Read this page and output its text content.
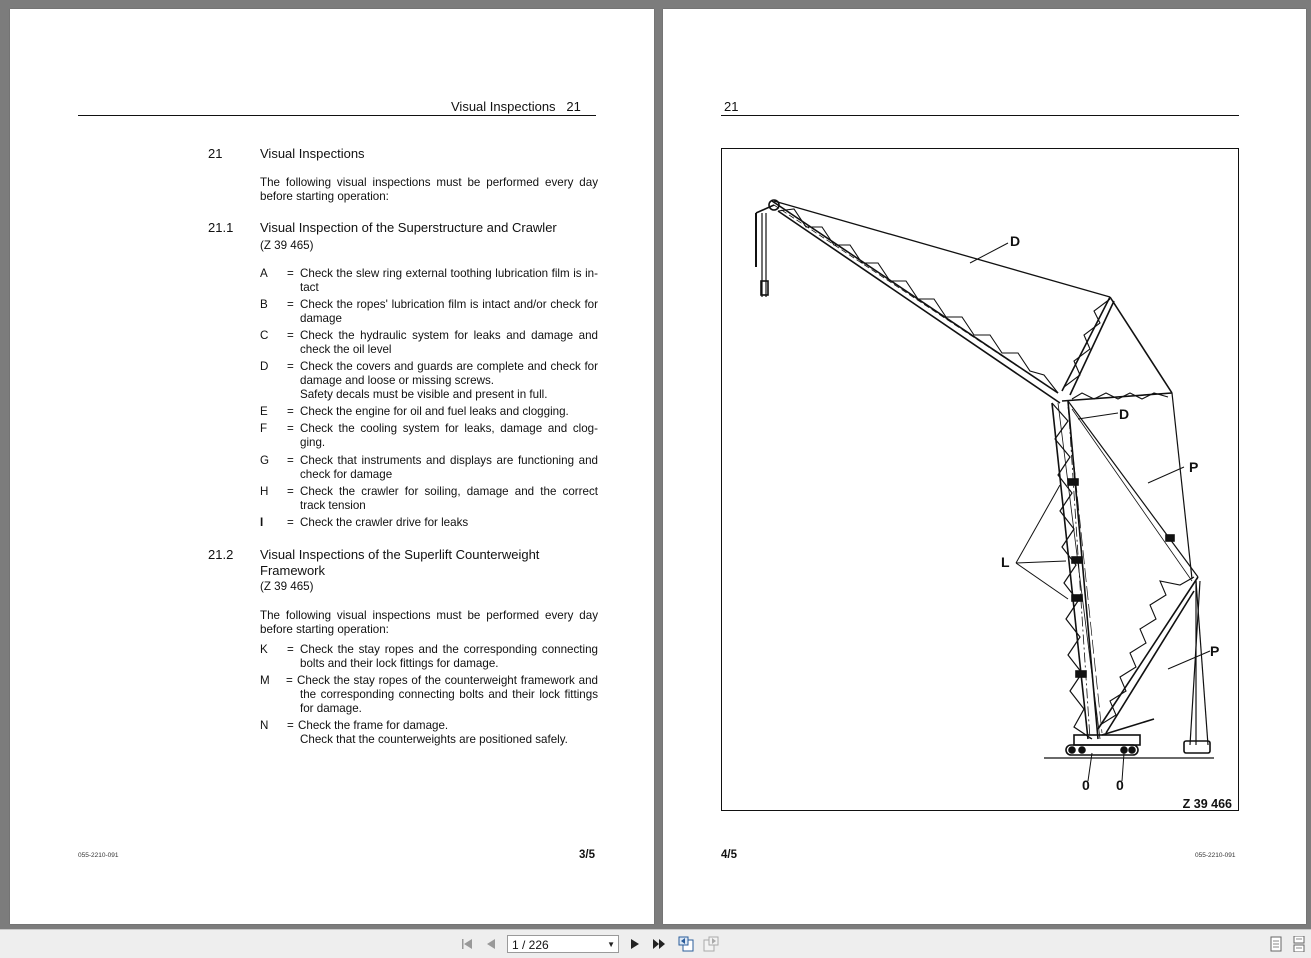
Visual Inspections 21
21	Visual Inspections
The following visual inspections must be performed every day
before starting operation:
21.1 Visual Inspection of the Superstructure and Crawler
(Z 39 465)
A = Check the slew ring external toothing lubrication film is in-
tact
B = Check the ropes' lubrication film is intact and/or check for
damage
C = Check the hydraulic system for leaks and damage and
check the oil level
D = Check the covers and guards are complete and check for
damage and loose or missing screws.
Safety decals must be visible and present in full.
E = Check the engine for oil and fuel leaks and clogging.
F = Check the cooling system for leaks, damage and clog-
ging.
G = Check that instruments and displays are functioning and
check for damage
H = Check the crawler for soiling, damage and the correct
track tension
I = Check the crawler drive for leaks
21.2 Visual Inspections of the Superlift Counterweight
Framework
(Z 39 465)
The following visual inspections must be performed every day
before starting operation:
K = Check the stay ropes and the corresponding connecting
bolts and their lock fittings for damage.
M = Check the stay ropes of the counterweight framework and
the corresponding connecting bolts and their lock fittings
for damage.
N = Check the frame for damage.
Check that the counterweights are positioned safely.
055-2210-091	3/5
21
D
D
P
L
P
0 0
Z 39 466
4/5	055-2210-091
1 / 226	▼
